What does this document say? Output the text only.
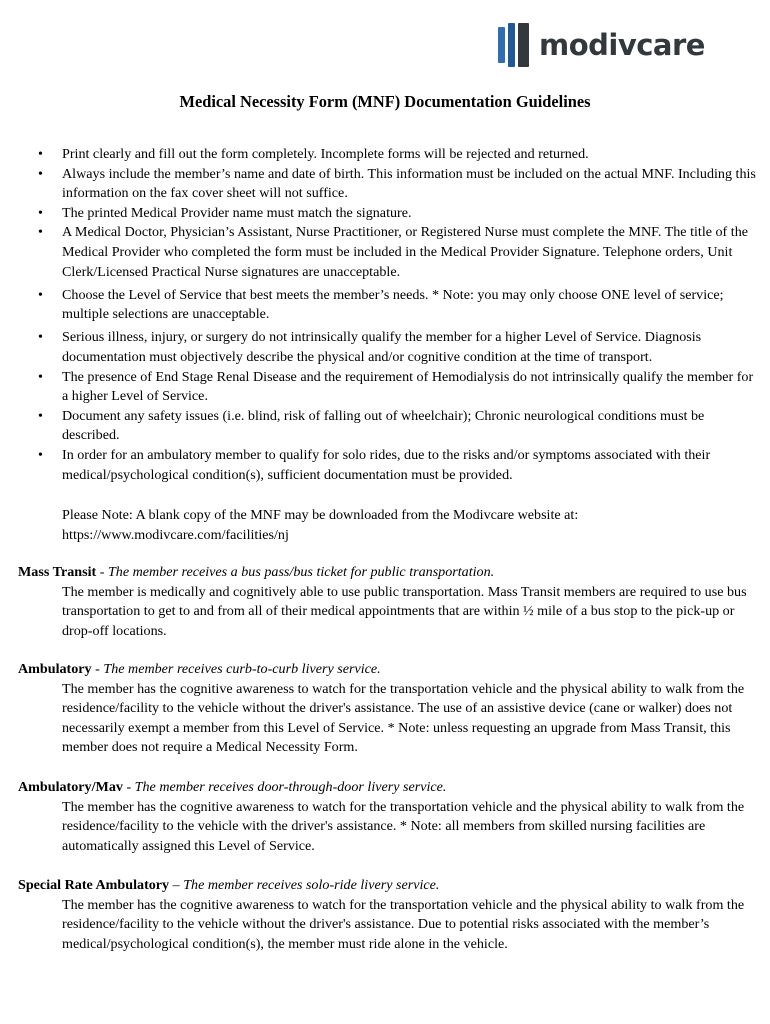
modivcare
Medical Necessity Form (MNF) Documentation Guidelines
• Print clearly and fill out the form completely. Incomplete forms will be rejected and returned.
• Always include the member’s name and date of birth. This information must be included on the actual MNF. Including this information on the fax cover sheet will not suffice.
• The printed Medical Provider name must match the signature.
• A Medical Doctor, Physician’s Assistant, Nurse Practitioner, or Registered Nurse must complete the MNF. The title of the Medical Provider who completed the form must be included in the Medical Provider Signature. Telephone orders, Unit Clerk/Licensed Practical Nurse signatures are unacceptable.
• Choose the Level of Service that best meets the member’s needs. * Note: you may only choose ONE level of service; multiple selections are unacceptable.
• Serious illness, injury, or surgery do not intrinsically qualify the member for a higher Level of Service. Diagnosis documentation must objectively describe the physical and/or cognitive condition at the time of transport.
• The presence of End Stage Renal Disease and the requirement of Hemodialysis do not intrinsically qualify the member for a higher Level of Service.
• Document any safety issues (i.e. blind, risk of falling out of wheelchair); Chronic neurological conditions must be described.
• In order for an ambulatory member to qualify for solo rides, due to the risks and/or symptoms associated with their medical/psychological condition(s), sufficient documentation must be provided.
Please Note: A blank copy of the MNF may be downloaded from the Modivcare website at:
https://www.modivcare.com/facilities/nj
Mass Transit - The member receives a bus pass/bus ticket for public transportation.
The member is medically and cognitively able to use public transportation. Mass Transit members are required to use bus transportation to get to and from all of their medical appointments that are within ½ mile of a bus stop to the pick-up or drop-off locations.
Ambulatory - The member receives curb-to-curb livery service.
The member has the cognitive awareness to watch for the transportation vehicle and the physical ability to walk from the residence/facility to the vehicle without the driver's assistance. The use of an assistive device (cane or walker) does not necessarily exempt a member from this Level of Service. * Note: unless requesting an upgrade from Mass Transit, this member does not require a Medical Necessity Form.
Ambulatory/Mav - The member receives door-through-door livery service.
The member has the cognitive awareness to watch for the transportation vehicle and the physical ability to walk from the residence/facility to the vehicle with the driver's assistance. * Note: all members from skilled nursing facilities are automatically assigned this Level of Service.
Special Rate Ambulatory – The member receives solo-ride livery service.
The member has the cognitive awareness to watch for the transportation vehicle and the physical ability to walk from the residence/facility to the vehicle without the driver's assistance. Due to potential risks associated with the member’s medical/psychological condition(s), the member must ride alone in the vehicle.
